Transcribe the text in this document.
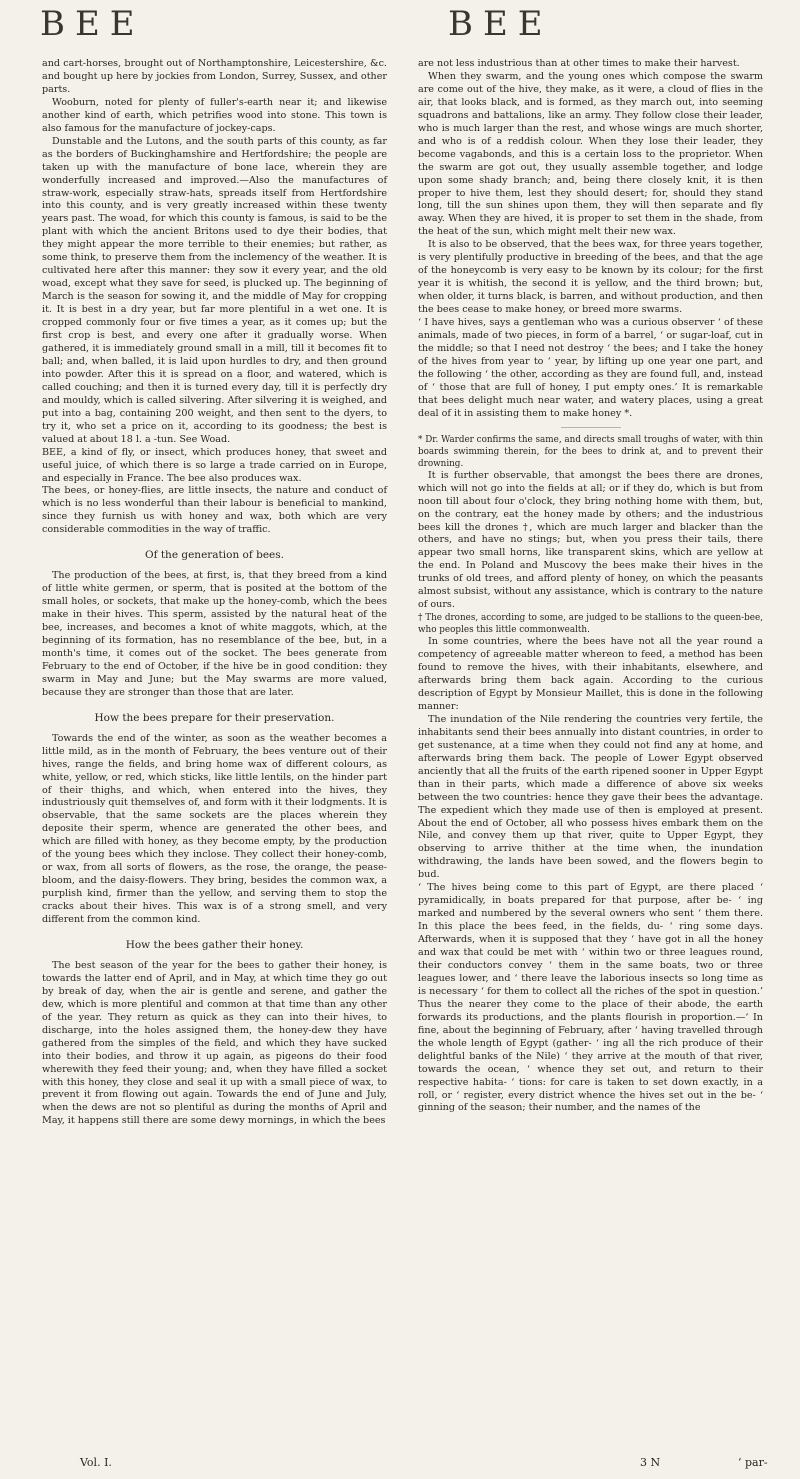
BEE	BEE

and cart-horses, brought out of Northamptonshire, Leicestershire, &c. and bought up here by jockies from London, Surrey, Sussex, and other parts.

Wooburn, noted for plenty of fuller's-earth near it; and likewise another kind of earth, which petrifies wood into stone. This town is also famous for the manufacture of jockey-caps.

Dunstable and the Lutons, and the south parts of this county, as far as the borders of Buckinghamshire and Hertfordshire; the people are taken up with the manufacture of bone lace, wherein they are wonderfully increased and improved.—Also the manufactures of straw-work, especially straw-hats, spreads itself from Hertfordshire into this county, and is very greatly increased within these twenty years past. The woad, for which this county is famous, is said to be the plant with which the ancient Britons used to dye their bodies, that they might appear the more terrible to their enemies; but rather, as some think, to preserve them from the inclemency of the weather. It is cultivated here after this manner: they sow it every year, and the old woad, except what they save for seed, is plucked up. The beginning of March is the season for sowing it, and the middle of May for cropping it. It is best in a dry year, but far more plentiful in a wet one. It is cropped commonly four or five times a year, as it comes up; but the first crop is best, and every one after it gradually worse. When gathered, it is immediately ground small in a mill, till it becomes fit to ball; and, when balled, it is laid upon hurdles to dry, and then ground into powder. After this it is spread on a floor, and watered, which is called couching; and then it is turned every day, till it is perfectly dry and mouldy, which is called silvering. After silvering it is weighed, and put into a bag, containing 200 weight, and then sent to the dyers, to try it, who set a price on it, according to its goodness; the best is valued at about 18 l. a -tun. See Woad.

BEE, a kind of fly, or insect, which produces honey, that sweet and useful juice, of which there is so large a trade carried on in Europe, and especially in France. The bee also produces wax.

The bees, or honey-flies, are little insects, the nature and conduct of which is no less wonderful than their labour is beneficial to mankind, since they furnish us with honey and wax, both which are very considerable commodities in the way of traffic.

Of the generation of bees.

The production of the bees, at first, is, that they breed from a kind of little white germen, or sperm, that is posited at the bottom of the small holes, or sockets, that make up the honey-comb, which the bees make in their hives. This sperm, assisted by the natural heat of the bee, increases, and becomes a knot of white maggots, which, at the beginning of its formation, has no resemblance of the bee, but, in a month's time, it comes out of the socket. The bees generate from February to the end of October, if the hive be in good condition: they swarm in May and June; but the May swarms are more valued, because they are stronger than those that are later.

How the bees prepare for their preservation.

Towards the end of the winter, as soon as the weather becomes a little mild, as in the month of February, the bees venture out of their hives, range the fields, and bring home wax of different colours, as white, yellow, or red, which sticks, like little lentils, on the hinder part of their thighs, and which, when entered into the hives, they industriously quit themselves of, and form with it their lodgments. It is observable, that the same sockets are the places wherein they deposite their sperm, whence are generated the other bees, and which are filled with honey, as they become empty, by the production of the young bees which they inclose. They collect their honey-comb, or wax, from all sorts of flowers, as the rose, the orange, the pease-bloom, and the daisy-flowers. They bring, besides the common wax, a purplish kind, firmer than the yellow, and serving them to stop the cracks about their hives. This wax is of a strong smell, and very different from the common kind.

How the bees gather their honey.

The best season of the year for the bees to gather their honey, is towards the latter end of April, and in May, at which time they go out by break of day, when the air is gentle and serene, and gather the dew, which is more plentiful and common at that time than any other of the year. They return as quick as they can into their hives, to discharge, into the holes assigned them, the honey-dew they have gathered from the simples of the field, and which they have sucked into their bodies, and throw it up again, as pigeons do their food wherewith they feed their young; and, when they have filled a socket with this honey, they close and seal it up with a small piece of wax, to prevent it from flowing out again. Towards the end of June and July, when the dews are not so plentiful as during the months of April and May, it happens still there are some dewy mornings, in which the bees

are not less industrious than at other times to make their harvest.

When they swarm, and the young ones which compose the swarm are come out of the hive, they make, as it were, a cloud of flies in the air, that looks black, and is formed, as they march out, into seeming squadrons and battalions, like an army. They follow close their leader, who is much larger than the rest, and whose wings are much shorter, and who is of a reddish colour. When they lose their leader, they become vagabonds, and this is a certain loss to the proprietor. When the swarm are got out, they usually assemble together, and lodge upon some shady branch; and, being there closely knit, it is then proper to hive them, lest they should desert; for, should they stand long, till the sun shines upon them, they will then separate and fly away. When they are hived, it is proper to set them in the shade, from the heat of the sun, which might melt their new wax.

It is also to be observed, that the bees wax, for three years together, is very plentifully productive in breeding of the bees, and that the age of the honeycomb is very easy to be known by its colour; for the first year it is whitish, the second it is yellow, and the third brown; but, when older, it turns black, is barren, and without production, and then the bees cease to make honey, or breed more swarms.

‘ I have hives, says a gentleman who was a curious observer ‘ of these animals, made of two pieces, in form of a barrel, ‘ or sugar-loaf, cut in the middle; so that I need not destroy ‘ the bees; and I take the honey of the hives from year to ‘ year, by lifting up one year one part, and the following ‘ the other, according as they are found full, and, instead of ‘ those that are full of honey, I put empty ones.’ It is remarkable that bees delight much near water, and watery places, using a great deal of it in assisting them to make honey *.

* Dr. Warder confirms the same, and directs small troughs of water, with thin boards swimming therein, for the bees to drink at, and to prevent their drowning.

It is further observable, that amongst the bees there are drones, which will not go into the fields at all; or if they do, which is but from noon till about four o'clock, they bring nothing home with them, but, on the contrary, eat the honey made by others; and the industrious bees kill the drones †, which are much larger and blacker than the others, and have no stings; but, when you press their tails, there appear two small horns, like transparent skins, which are yellow at the end. In Poland and Muscovy the bees make their hives in the trunks of old trees, and afford plenty of honey, on which the peasants almost subsist, without any assistance, which is contrary to the nature of ours.

† The drones, according to some, are judged to be stallions to the queen-bee, who peoples this little commonwealth.

In some countries, where the bees have not all the year round a competency of agreeable matter whereon to feed, a method has been found to remove the hives, with their inhabitants, elsewhere, and afterwards bring them back again. According to the curious description of Egypt by Monsieur Maillet, this is done in the following manner:

The inundation of the Nile rendering the countries very fertile, the inhabitants send their bees annually into distant countries, in order to get sustenance, at a time when they could not find any at home, and afterwards bring them back. The people of Lower Egypt observed anciently that all the fruits of the earth ripened sooner in Upper Egypt than in their parts, which made a difference of above six weeks between the two countries: hence they gave their bees the advantage. The expedient which they made use of then is employed at present. About the end of October, all who possess hives embark them on the Nile, and convey them up that river, quite to Upper Egypt, they observing to arrive thither at the time when, the inundation withdrawing, the lands have been sowed, and the flowers begin to bud.

‘ The hives being come to this part of Egypt, are there placed ‘ pyramidically, in boats prepared for that purpose, after be- ‘ ing marked and numbered by the several owners who sent ‘ them there. In this place the bees feed, in the fields, du- ‘ ring some days. Afterwards, when it is supposed that they ‘ have got in all the honey and wax that could be met with ‘ within two or three leagues round, their conductors convey ‘ them in the same boats, two or three leagues lower, and ‘ there leave the laborious insects so long time as is necessary ‘ for them to collect all the riches of the spot in question.’ Thus the nearer they come to the place of their abode, the earth forwards its productions, and the plants flourish in proportion.—‘ In fine, about the beginning of February, after ‘ having travelled through the whole length of Egypt (gather- ‘ ing all the rich produce of their delightful banks of the Nile) ‘ they arrive at the mouth of that river, towards the ocean, ‘ whence they set out, and return to their respective habita- ‘ tions: for care is taken to set down exactly, in a roll, or ‘ register, every district whence the hives set out in the be- ‘ ginning of the season; their number, and the names of the

Vol. I.	3 N	‘ par-
